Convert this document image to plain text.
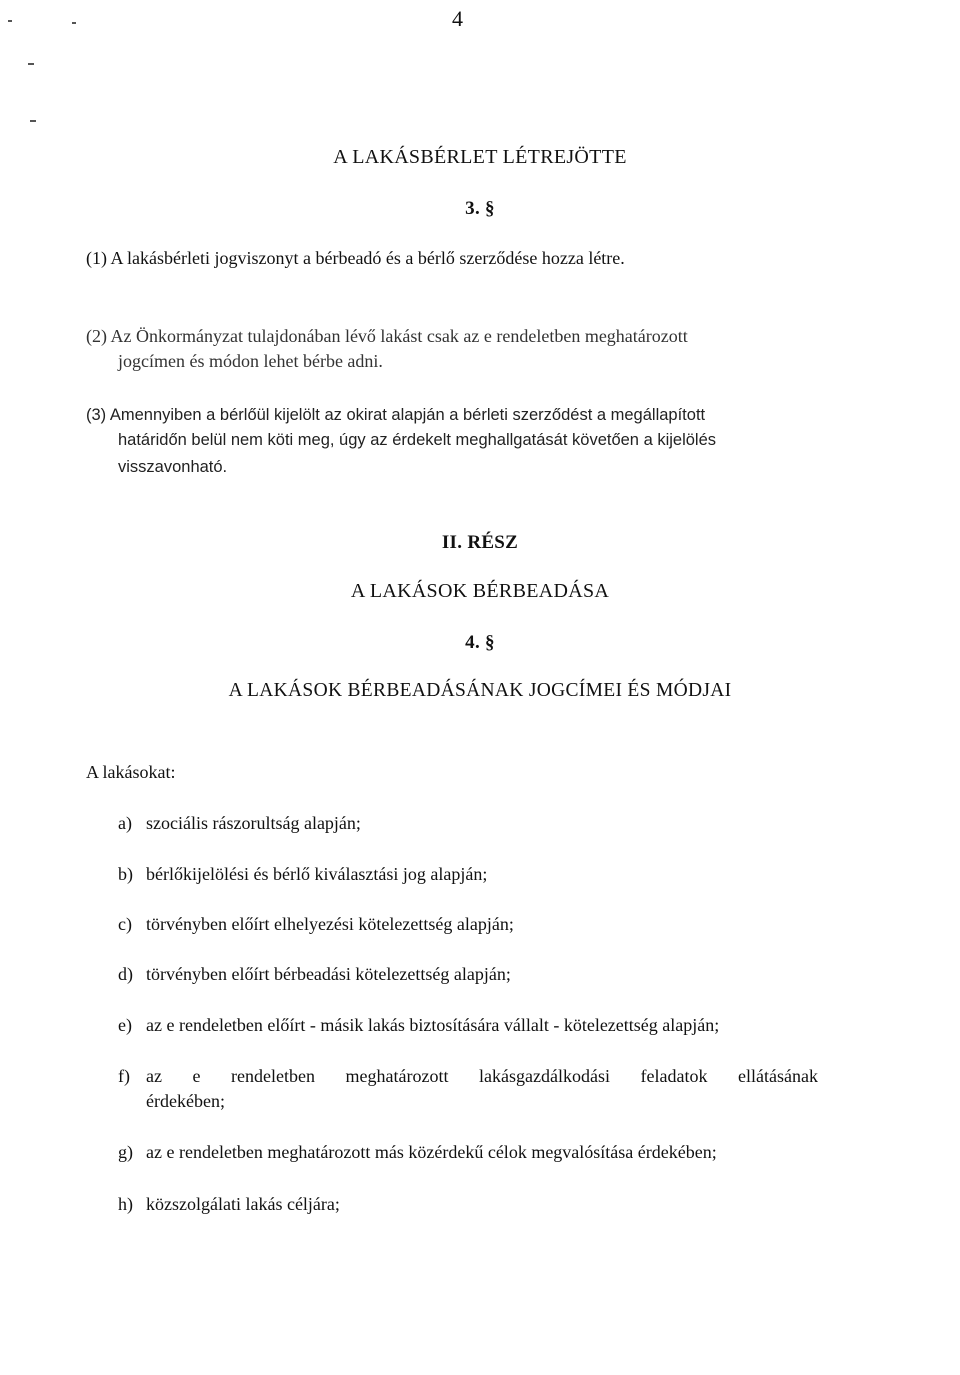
4
A LAKÁSBÉRLET LÉTREJÖTTE
3. §
(1) A lakásbérleti jogviszonyt a bérbeadó és a bérlő szerződése hozza létre.
(2) Az Önkormányzat tulajdonában lévő lakást csak az e rendeletben meghatározott
jogcímen és módon lehet bérbe adni.
(3) Amennyiben a bérlőül kijelölt az okirat alapján a bérleti szerződést a megállapított
határidőn belül nem köti meg, úgy az érdekelt meghallgatását követően a kijelölés
visszavonható.
II. RÉSZ
A LAKÁSOK BÉRBEADÁSA
4. §
A LAKÁSOK BÉRBEADÁSÁNAK JOGCÍMEI ÉS MÓDJAI
A lakásokat:
a) szociális rászorultság alapján;
b) bérlőkijelölési és bérlő kiválasztási jog alapján;
c) törvényben előírt elhelyezési kötelezettség alapján;
d) törvényben előírt bérbeadási kötelezettség alapján;
e) az e rendeletben előírt - másik lakás biztosítására vállalt - kötelezettség alapján;
f) az e rendeletben meghatározott lakásgazdálkodási feladatok ellátásának
érdekében;
g) az e rendeletben meghatározott más közérdekű célok megvalósítása érdekében;
h) közszolgálati lakás céljára;
